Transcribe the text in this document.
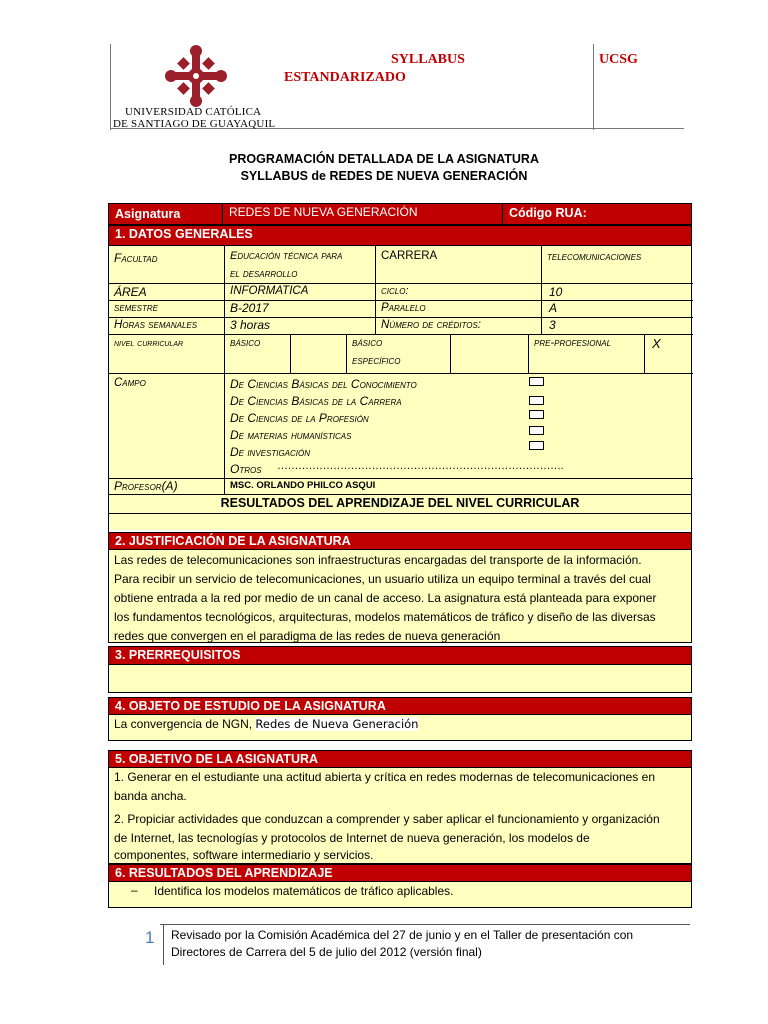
UNIVERSIDAD CATÓLICA
DE SANTIAGO DE GUAYAQUIL
SYLLABUS
ESTANDARIZADO
UCSG
PROGRAMACIÓN DETALLADA DE LA ASIGNATURA
SYLLABUS de REDES DE NUEVA GENERACIÓN
Asignatura	REDES DE NUEVA GENERACIÓN	Código RUA:
1. DATOS GENERALES
Facultad	Educación técnica para
el desarrollo
CARRERA	telecomunicaciones
ÁREA	INFORMATICA	ciclo:	10
semestre	B-2017	Paralelo	A
Horas semanales	3 horas	Número de créditos:	3
nivel curricular	básico	básico
específico
pre-profesional	X
Campo	De Ciencias Básicas del Conocimiento
De Ciencias Básicas de la Carrera
De Ciencias de la Profesión
De materias humanísticas
De investigación
Otros ……………………………………………………………………….
Profesor(A)	MSC. ORLANDO PHILCO ASQUI
RESULTADOS DEL APRENDIZAJE DEL NIVEL CURRICULAR
2. JUSTIFICACIÓN DE LA ASIGNATURA
Las redes de telecomunicaciones son infraestructuras encargadas del transporte de la información.
Para recibir un servicio de telecomunicaciones, un usuario utiliza un equipo terminal a través del cual
obtiene entrada a la red por medio de un canal de acceso. La asignatura está planteada para exponer
los fundamentos tecnológicos, arquitecturas, modelos matemáticos de tráfico y diseño de las diversas
redes que convergen en el paradigma de las redes de nueva generación
3. PRERREQUISITOS
4. OBJETO DE ESTUDIO DE LA ASIGNATURA
La convergencia de NGN, Redes de Nueva Generación
5. OBJETIVO DE LA ASIGNATURA
1. Generar en el estudiante una actitud abierta y crítica en redes modernas de telecomunicaciones en
banda ancha.
2. Propiciar actividades que conduzcan a comprender y saber aplicar el funcionamiento y organización
de Internet, las tecnologías y protocolos de Internet de nueva generación, los modelos de
componentes, software intermediario y servicios.
6. RESULTADOS DEL APRENDIZAJE
– Identifica los modelos matemáticos de tráfico aplicables.
1 Revisado por la Comisión Académica del 27 de junio y en el Taller de presentación con
Directores de Carrera del 5 de julio del 2012 (versión final)
